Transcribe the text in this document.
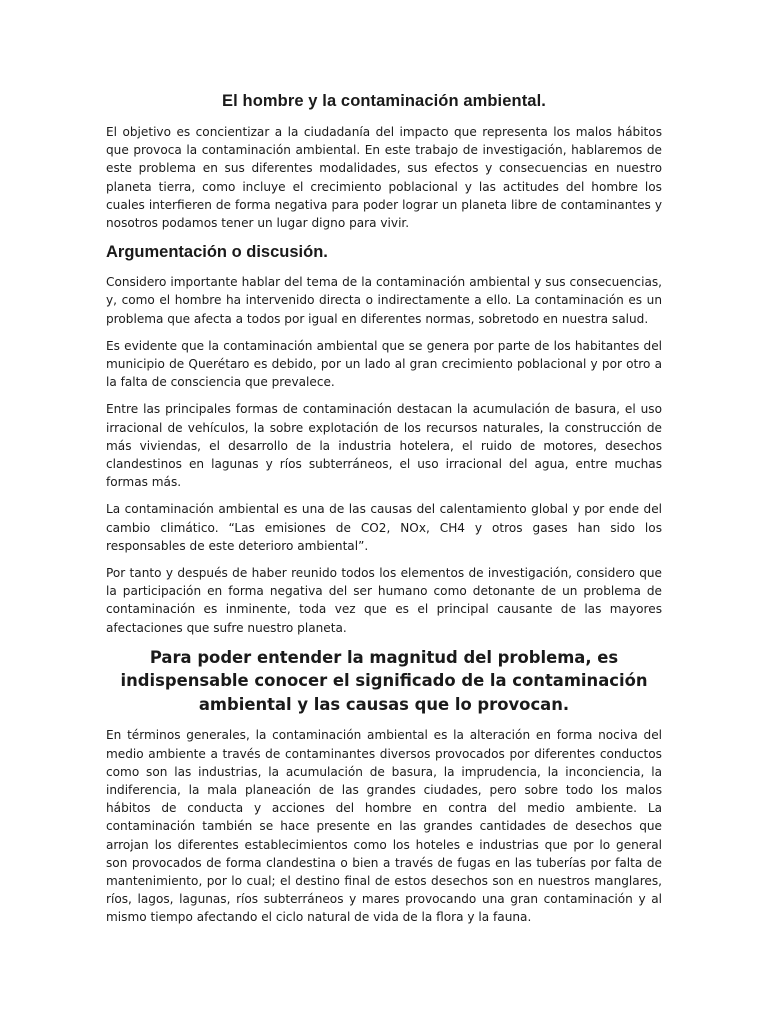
El hombre y la contaminación ambiental.

El objetivo es concientizar a la ciudadanía del impacto que representa los malos hábitos que provoca la contaminación ambiental. En este trabajo de investigación, hablaremos de este problema en sus diferentes modalidades, sus efectos y consecuencias en nuestro planeta tierra, como incluye el crecimiento poblacional y las actitudes del hombre los cuales interfieren de forma negativa para poder lograr un planeta libre de contaminantes y nosotros podamos tener un lugar digno para vivir.

Argumentación o discusión.

Considero importante hablar del tema de la contaminación ambiental y sus consecuencias, y, como el hombre ha intervenido directa o indirectamente a ello. La contaminación es un problema que afecta a todos por igual en diferentes normas, sobretodo en nuestra salud.

Es evidente que la contaminación ambiental que se genera por parte de los habitantes del municipio de Querétaro es debido, por un lado al gran crecimiento poblacional y por otro a la falta de consciencia que prevalece.

Entre las principales formas de contaminación destacan la acumulación de basura, el uso irracional de vehículos, la sobre explotación de los recursos naturales, la construcción de más viviendas, el desarrollo de la industria hotelera, el ruido de motores, desechos clandestinos en lagunas y ríos subterráneos, el uso irracional del agua, entre muchas formas más.

La contaminación ambiental es una de las causas del calentamiento global y por ende del cambio climático. “Las emisiones de CO2, NOx, CH4 y otros gases han sido los responsables de este deterioro ambiental”.

Por tanto y después de haber reunido todos los elementos de investigación, considero que la participación en forma negativa del ser humano como detonante de un problema de contaminación es inminente, toda vez que es el principal causante de las mayores afectaciones que sufre nuestro planeta.

Para poder entender la magnitud del problema, es indispensable conocer el significado de la contaminación ambiental y las causas que lo provocan.

En términos generales, la contaminación ambiental es la alteración en forma nociva del medio ambiente a través de contaminantes diversos provocados por diferentes conductos como son las industrias, la acumulación de basura, la imprudencia, la inconciencia, la indiferencia, la mala planeación de las grandes ciudades, pero sobre todo los malos hábitos de conducta y acciones del hombre en contra del medio ambiente. La contaminación también se hace presente en las grandes cantidades de desechos que arrojan los diferentes establecimientos como los hoteles e industrias que por lo general son provocados de forma clandestina o bien a través de fugas en las tuberías por falta de mantenimiento, por lo cual; el destino final de estos desechos son en nuestros manglares, ríos, lagos, lagunas, ríos subterráneos y mares provocando una gran contaminación y al mismo tiempo afectando el ciclo natural de vida de la flora y la fauna.
